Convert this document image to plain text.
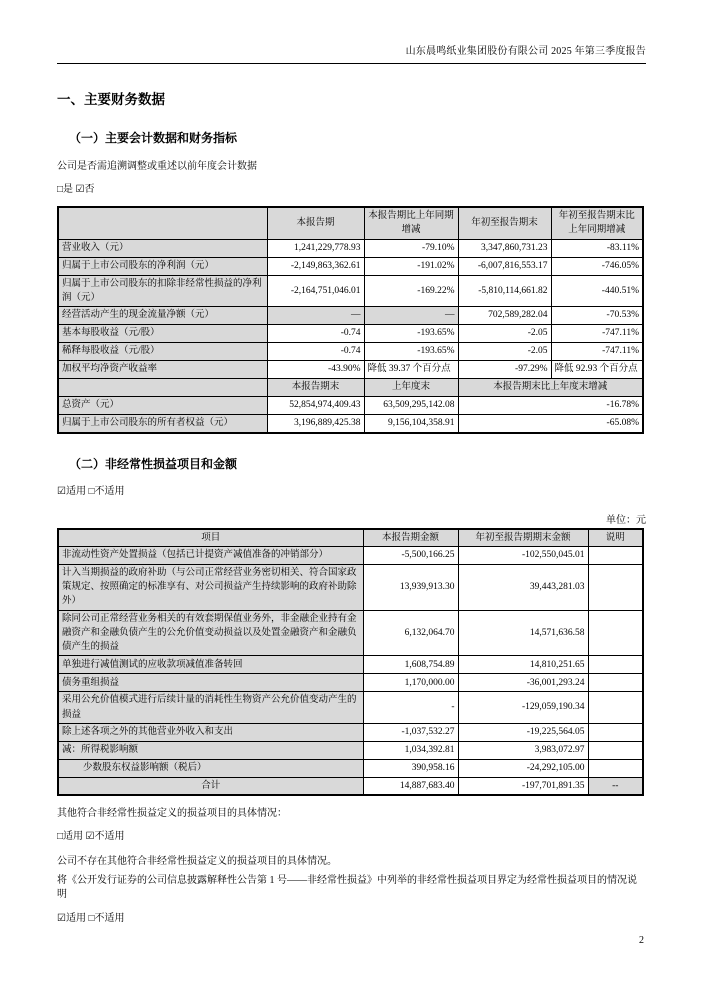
山东晨鸣纸业集团股份有限公司 2025 年第三季度报告
一、主要财务数据
（一）主要会计数据和财务指标

公司是否需追溯调整或重述以前年度会计数据

□是 ☑否

	本报告期	本报告期比上年同期增减	年初至报告期末	年初至报告期末比上年同期增减
营业收入（元）	1,241,229,778.93	-79.10%	3,347,860,731.23	-83.11%
归属于上市公司股东的净利润（元）	-2,149,863,362.61	-191.02%	-6,007,816,553.17	-746.05%
归属于上市公司股东的扣除非经常性损益的净利润（元）	-2,164,751,046.01	-169.22%	-5,810,114,661.82	-440.51%
经营活动产生的现金流量净额（元）	—	—	702,589,282.04	-70.53%
基本每股收益（元/股）	-0.74	-193.65%	-2.05	-747.11%
稀释每股收益（元/股）	-0.74	-193.65%	-2.05	-747.11%
加权平均净资产收益率	-43.90%	降低 39.37 个百分点	-97.29%	降低 92.93 个百分点
	本报告期末	上年度末	本报告期末比上年度末增减	
总资产（元）	52,854,974,409.43	63,509,295,142.08	-16.78%	
归属于上市公司股东的所有者权益（元）	3,196,889,425.38	9,156,104,358.91	-65.08%	
（二）非经常性损益项目和金额

☑适用 □不适用

单位：元
项目	本报告期金额	年初至报告期期末金额	说明
非流动性资产处置损益（包括已计提资产减值准备的冲销部分）	-5,500,166.25	-102,550,045.01	
计入当期损益的政府补助（与公司正常经营业务密切相关、符合国家政策规定、按照确定的标准享有、对公司损益产生持续影响的政府补助除外）	13,939,913.30	39,443,281.03	
除同公司正常经营业务相关的有效套期保值业务外，非金融企业持有金融资产和金融负债产生的公允价值变动损益以及处置金融资产和金融负债产生的损益	6,132,064.70	14,571,636.58	
单独进行减值测试的应收款项减值准备转回	1,608,754.89	14,810,251.65	
债务重组损益	1,170,000.00	-36,001,293.24	
采用公允价值模式进行后续计量的消耗性生物资产公允价值变动产生的损益	-	-129,059,190.34	
除上述各项之外的其他营业外收入和支出	-1,037,532.27	-19,225,564.05	
减：所得税影响额	1,034,392.81	3,983,072.97	
少数股东权益影响额（税后）	390,958.16	-24,292,105.00	
合计	14,887,683.40	-197,701,891.35	--

其他符合非经常性损益定义的损益项目的具体情况：

□适用 ☑不适用

公司不存在其他符合非经常性损益定义的损益项目的具体情况。

将《公开发行证券的公司信息披露解释性公告第 1 号——非经常性损益》中列举的非经常性损益项目界定为经常性损益项目的情况说明

☑适用 □不适用

2
